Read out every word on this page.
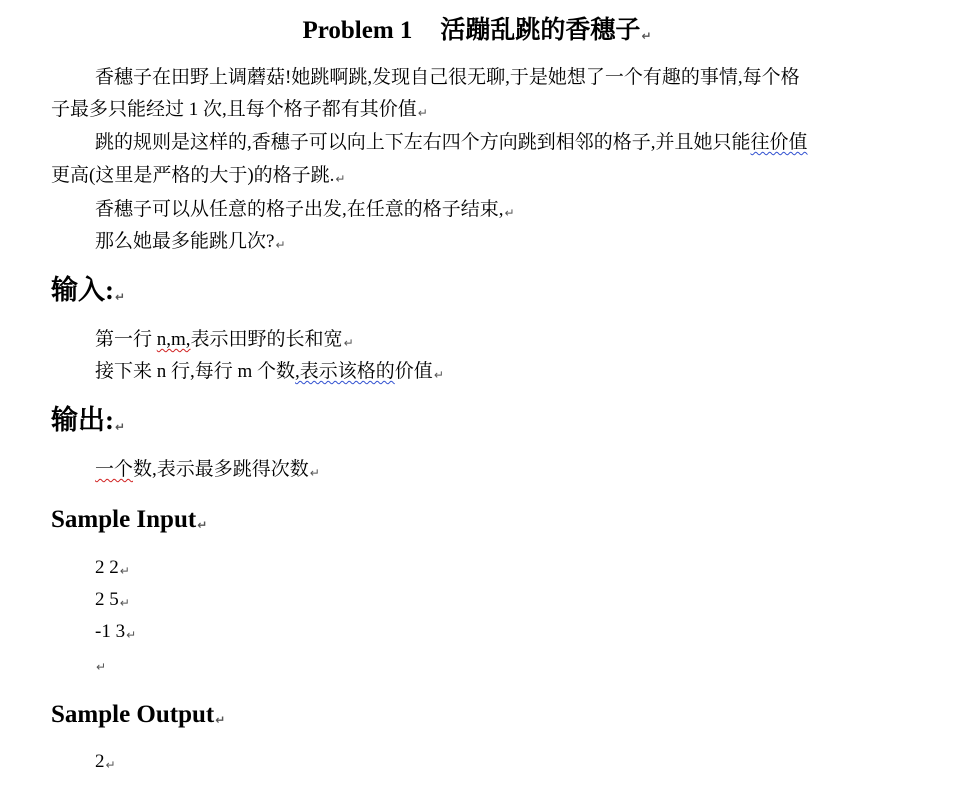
Problem 1 活蹦乱跳的香穗子↵
香穗子在田野上调蘑菇!她跳啊跳,发现自己很无聊,于是她想了一个有趣的事情,每个格
子最多只能经过 1 次,且每个格子都有其价值↵
跳的规则是这样的,香穗子可以向上下左右四个方向跳到相邻的格子,并且她只能往价值
更高(这里是严格的大于)的格子跳.↵
香穗子可以从任意的格子出发,在任意的格子结束,↵
那么她最多能跳几次?↵
输入:↵
第一行 n,m,表示田野的长和宽↵
接下来 n 行,每行 m 个数,表示该格的价值↵
输出:↵
一个数,表示最多跳得次数↵
Sample Input↵
2 2↵
2 5↵
-1 3↵
↵
Sample Output↵
2↵
